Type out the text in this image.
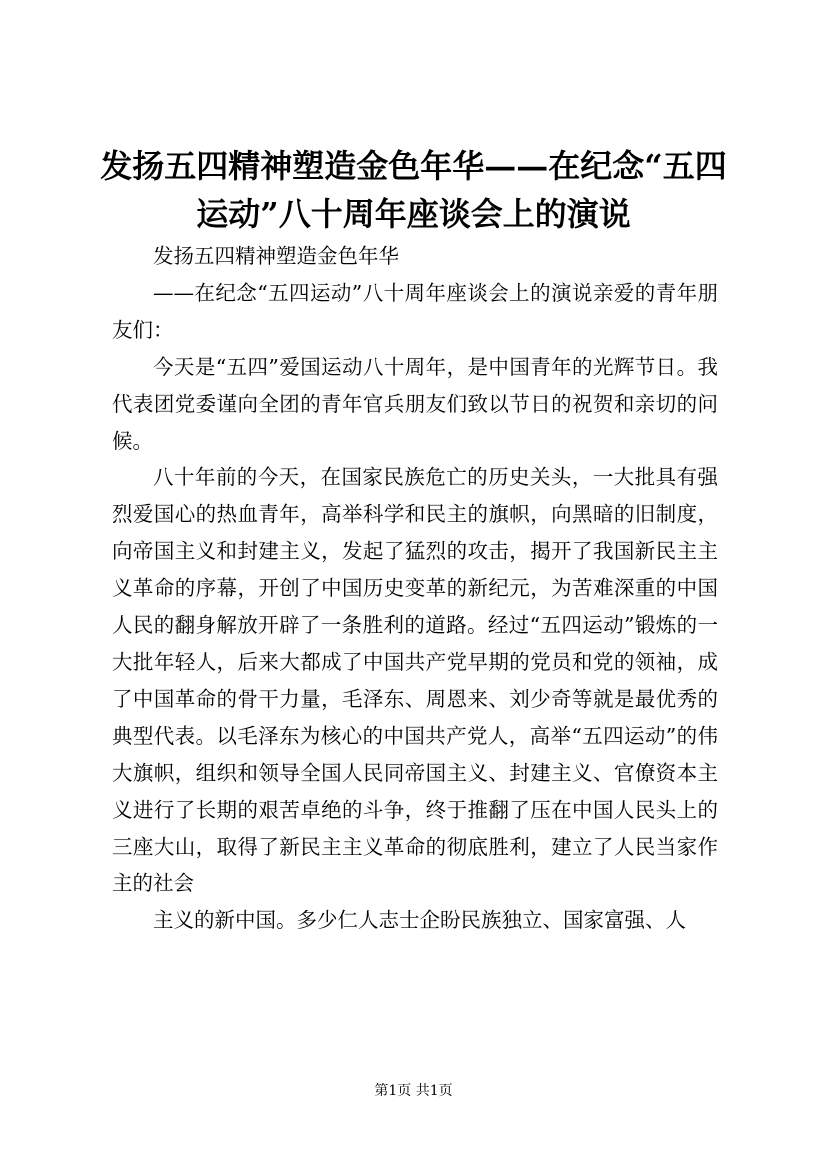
发扬五四精神塑造金色年华——在纪念“五四运动”八十周年座谈会上的演说

发扬五四精神塑造金色年华

——在纪念“五四运动”八十周年座谈会上的演说亲爱的青年朋友们：

今天是“五四”爱国运动八十周年，是中国青年的光辉节日。我代表团党委谨向全团的青年官兵朋友们致以节日的祝贺和亲切的问候。

八十年前的今天，在国家民族危亡的历史关头，一大批具有强烈爱国心的热血青年，高举科学和民主的旗帜，向黑暗的旧制度，向帝国主义和封建主义，发起了猛烈的攻击，揭开了我国新民主主义革命的序幕，开创了中国历史变革的新纪元，为苦难深重的中国人民的翻身解放开辟了一条胜利的道路。经过“五四运动”锻炼的一大批年轻人，后来大都成了中国共产党早期的党员和党的领袖，成了中国革命的骨干力量，毛泽东、周恩来、刘少奇等就是最优秀的典型代表。以毛泽东为核心的中国共产党人，高举“五四运动”的伟大旗帜，组织和领导全国人民同帝国主义、封建主义、官僚资本主义进行了长期的艰苦卓绝的斗争，终于推翻了压在中国人民头上的三座大山，取得了新民主主义革命的彻底胜利，建立了人民当家作主的社会

主义的新中国。多少仁人志士企盼民族独立、国家富强、人

第1页 共1页
